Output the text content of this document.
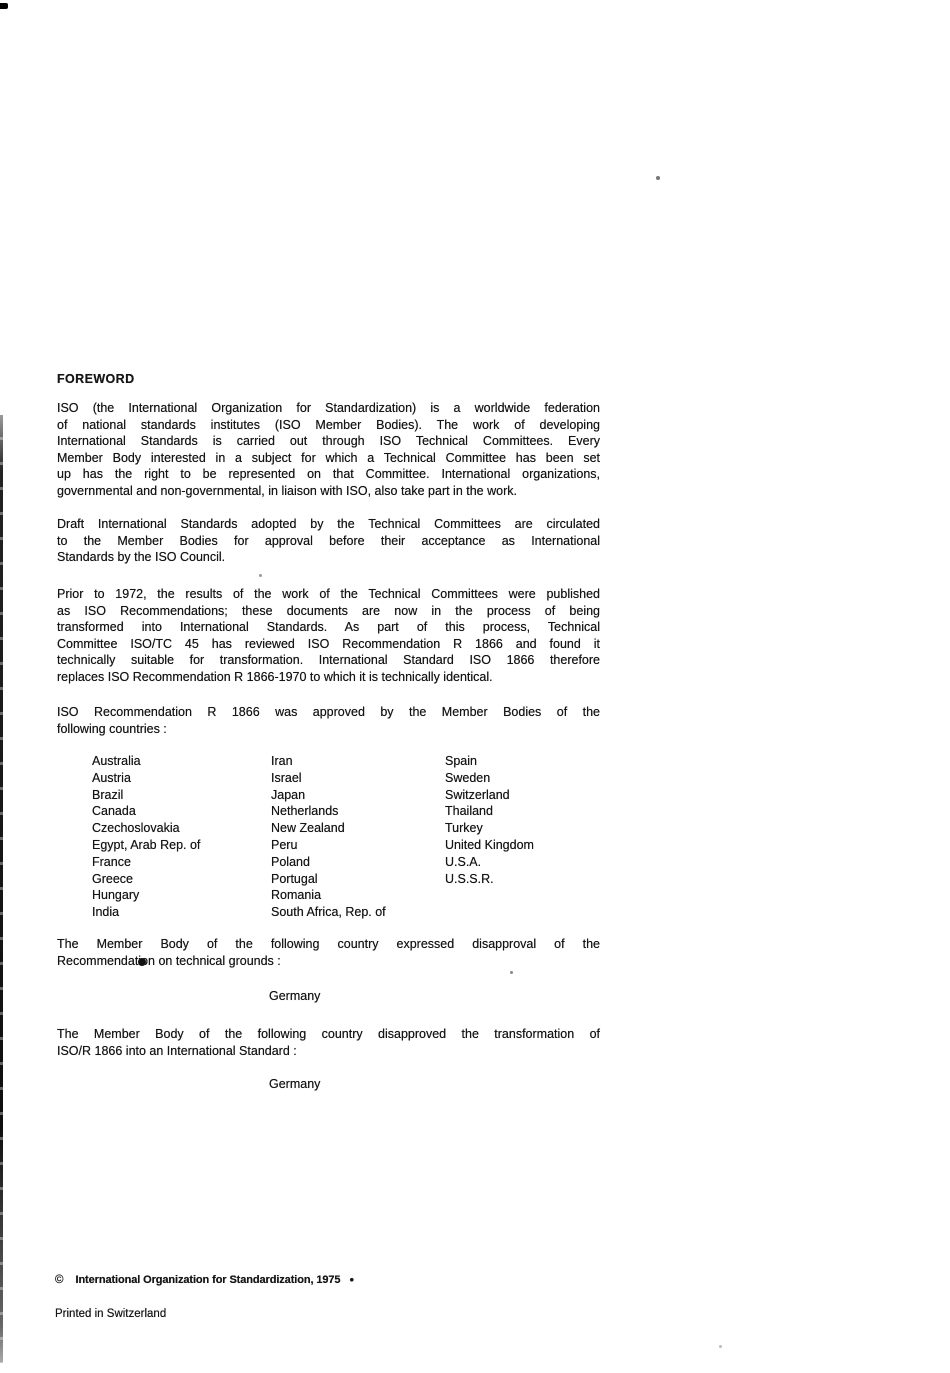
FOREWORD
ISO (the International Organization for Standardization) is a worldwide federation
of national standards institutes (ISO Member Bodies). The work of developing
International Standards is carried out through ISO Technical Committees. Every
Member Body interested in a subject for which a Technical Committee has been set
up has the right to be represented on that Committee. International organizations,
governmental and non-governmental, in liaison with ISO, also take part in the work.
Draft International Standards adopted by the Technical Committees are circulated
to the Member Bodies for approval before their acceptance as International
Standards by the ISO Council.
Prior to 1972, the results of the work of the Technical Committees were published
as ISO Recommendations; these documents are now in the process of being
transformed into International Standards. As part of this process, Technical
Committee ISO/TC 45 has reviewed ISO Recommendation R 1866 and found it
technically suitable for transformation. International Standard ISO 1866 therefore
replaces ISO Recommendation R 1866-1970 to which it is technically identical.
ISO Recommendation R 1866 was approved by the Member Bodies of the
following countries :
Australia
Austria
Brazil
Canada
Czechoslovakia
Egypt, Arab Rep. of
France
Greece
Hungary
India
Iran
Israel
Japan
Netherlands
New Zealand
Peru
Poland
Portugal
Romania
South Africa, Rep. of
Spain
Sweden
Switzerland
Thailand
Turkey
United Kingdom
U.S.A.
U.S.S.R.
The Member Body of the following country expressed disapproval of the
Recommendation on technical grounds :
Germany
The Member Body of the following country disapproved the transformation of
ISO/R 1866 into an International Standard :
Germany
© International Organization for Standardization, 1975 •
Printed in Switzerland
